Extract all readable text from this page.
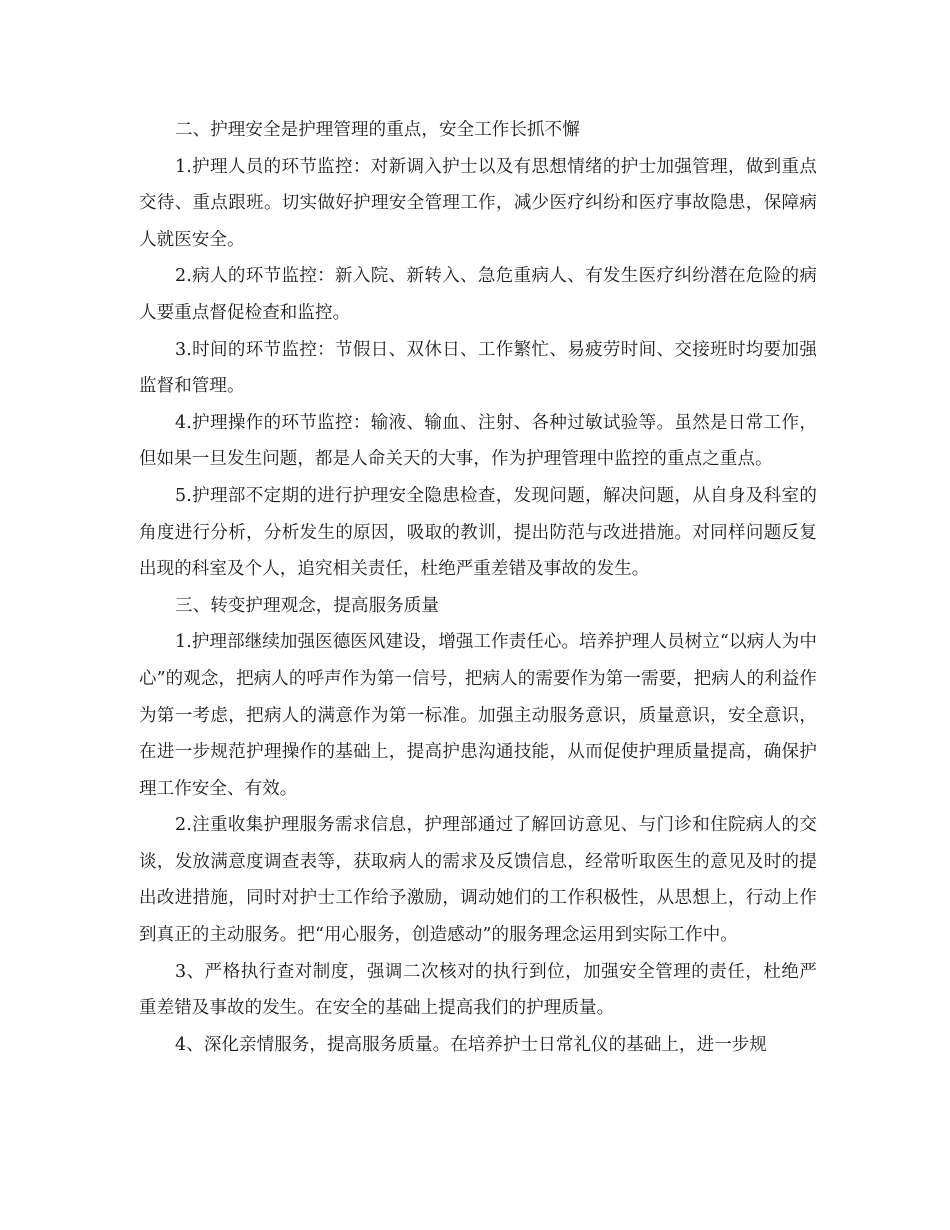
二、护理安全是护理管理的重点，安全工作长抓不懈

1.护理人员的环节监控：对新调入护士以及有思想情绪的护士加强管理，做到重点交待、重点跟班。切实做好护理安全管理工作，减少医疗纠纷和医疗事故隐患，保障病人就医安全。

2.病人的环节监控：新入院、新转入、急危重病人、有发生医疗纠纷潜在危险的病人要重点督促检查和监控。

3.时间的环节监控：节假日、双休日、工作繁忙、易疲劳时间、交接班时均要加强监督和管理。

4.护理操作的环节监控：输液、输血、注射、各种过敏试验等。虽然是日常工作，但如果一旦发生问题，都是人命关天的大事，作为护理管理中监控的重点之重点。

5.护理部不定期的进行护理安全隐患检查，发现问题，解决问题，从自身及科室的角度进行分析，分析发生的原因，吸取的教训，提出防范与改进措施。对同样问题反复出现的科室及个人，追究相关责任，杜绝严重差错及事故的发生。

三、转变护理观念，提高服务质量

1.护理部继续加强医德医风建设，增强工作责任心。培养护理人员树立“以病人为中心”的观念，把病人的呼声作为第一信号，把病人的需要作为第一需要，把病人的利益作为第一考虑，把病人的满意作为第一标准。加强主动服务意识，质量意识，安全意识，在进一步规范护理操作的基础上，提高护患沟通技能，从而促使护理质量提高，确保护理工作安全、有效。

2.注重收集护理服务需求信息，护理部通过了解回访意见、与门诊和住院病人的交谈，发放满意度调查表等，获取病人的需求及反馈信息，经常听取医生的意见及时的提出改进措施，同时对护士工作给予激励，调动她们的工作积极性，从思想上，行动上作到真正的主动服务。把“用心服务，创造感动”的服务理念运用到实际工作中。

3、严格执行查对制度，强调二次核对的执行到位，加强安全管理的责任，杜绝严重差错及事故的发生。在安全的基础上提高我们的护理质量。

4、深化亲情服务，提高服务质量。在培养护士日常礼仪的基础上，进一步规
